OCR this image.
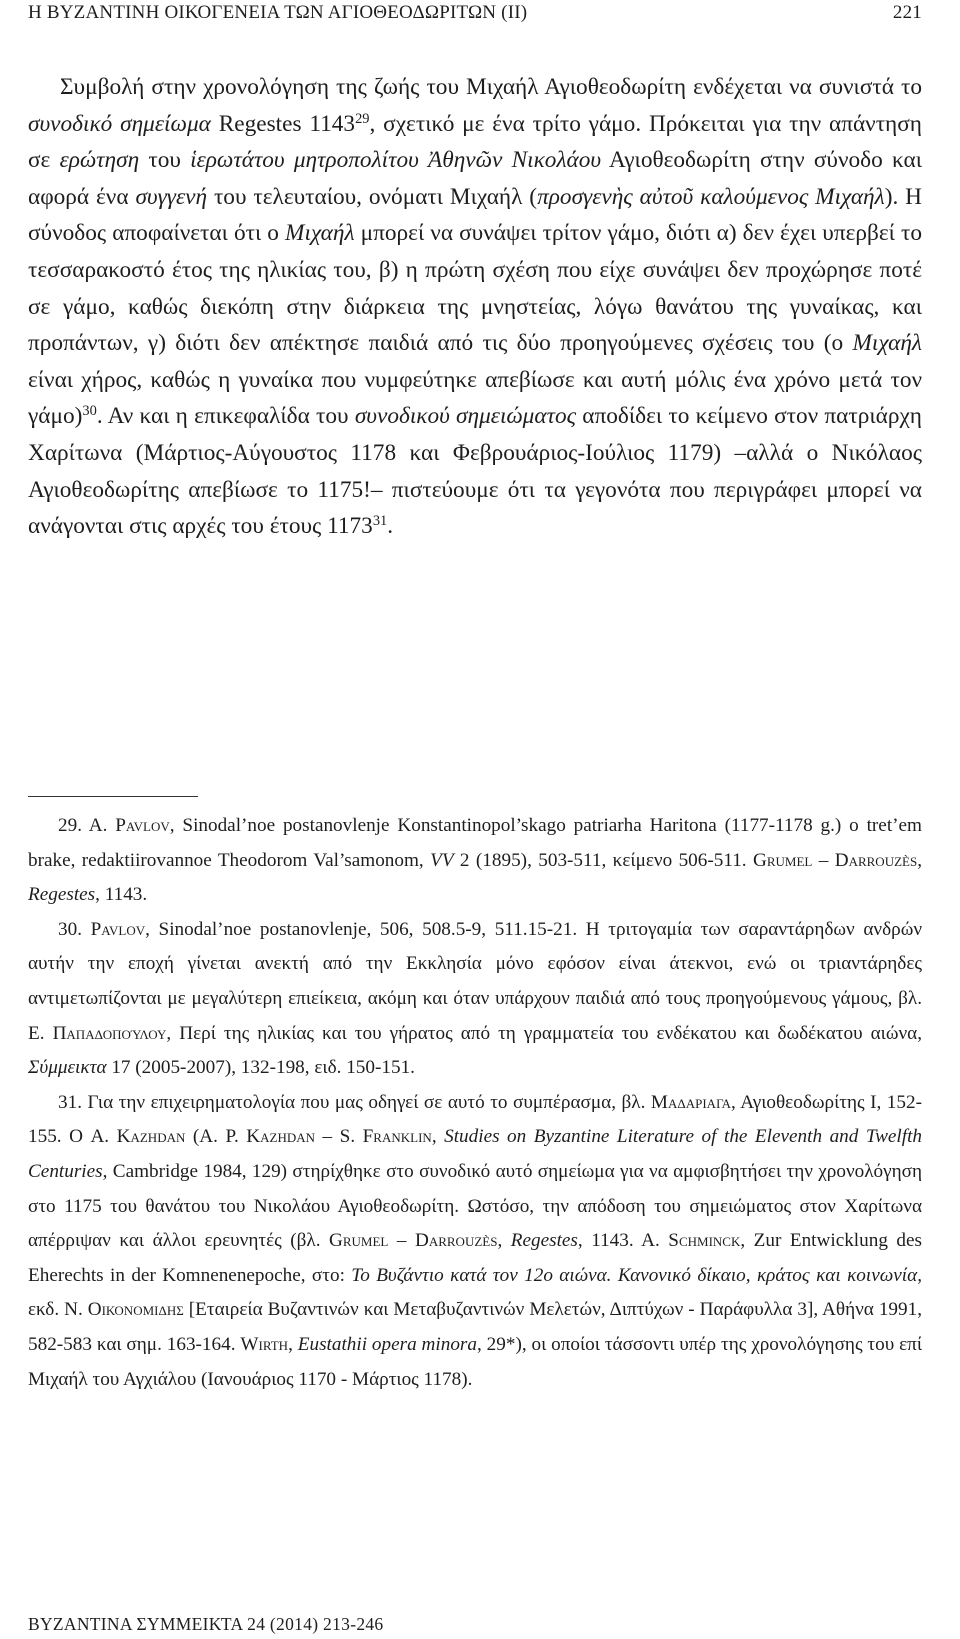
Η ΒΥΖΑΝΤΙΝΗ ΟΙΚΟΓΕΝΕΙΑ ΤΩΝ ΑΓΙΟΘΕΟΔΩΡΙΤΩΝ (ΙΙ)	221

Συμβολή στην χρονολόγηση της ζωής του Μιχαήλ Αγιοθεοδωρίτη ενδέχεται να συνιστά το συνοδικό σημείωμα Regestes 1143$^{29}$, σχετικό με ένα τρίτο γάμο. Πρόκειται για την απάντηση σε ερώτηση του ἱερωτάτου μητροπολίτου Ἀθηνῶν Νικολάου Αγιοθεοδωρίτη στην σύνοδο και αφορά ένα συγγενή του τελευταίου, ονόματι Μιχαήλ (προσγενὴς αὐτοῦ καλούμενος Μιχαήλ). Η σύνοδος αποφαίνεται ότι ο Μιχαήλ μπορεί να συνάψει τρίτον γάμο, διότι α) δεν έχει υπερβεί το τεσσαρακοστό έτος της ηλικίας του, β) η πρώτη σχέση που είχε συνάψει δεν προχώρησε ποτέ σε γάμο, καθώς διεκόπη στην διάρκεια της μνηστείας, λόγω θανάτου της γυναίκας, και προπάντων, γ) διότι δεν απέκτησε παιδιά από τις δύο προηγούμενες σχέσεις του (ο Μιχαήλ είναι χήρος, καθώς η γυναίκα που νυμφεύτηκε απεβίωσε και αυτή μόλις ένα χρόνο μετά τον γάμο)$^{30}$. Αν και η επικεφαλίδα του συνοδικού σημειώματος αποδίδει το κείμενο στον πατριάρχη Χαρίτωνα (Μάρτιος-Αύγουστος 1178 και Φεβρουάριος-Ιούλιος 1179) –αλλά ο Νικόλαος Αγιοθεοδωρίτης απεβίωσε το 1175!– πιστεύουμε ότι τα γεγονότα που περιγράφει μπορεί να ανάγονται στις αρχές του έτους 1173$^{31}$.

29. A. Pavlov, Sinodal’noe postanovlenje Konstantinopol’skago patriarha Haritona (1177-1178 g.) o tret’em brake, redaktiirovannoe Theodorom Val’samonom, VV 2 (1895), 503-511, κείμενο 506-511. Grumel – Darrouzès, Regestes, 1143.

30. Pavlov, Sinodal’noe postanovlenje, 506, 508.5-9, 511.15-21. Η τριτογαμία των σαραντάρηδων ανδρών αυτήν την εποχή γίνεται ανεκτή από την Εκκλησία μόνο εφόσον είναι άτεκνοι, ενώ οι τριαντάρηδες αντιμετωπίζονται με μεγαλύτερη επιείκεια, ακόμη και όταν υπάρχουν παιδιά από τους προηγούμενους γάμους, βλ. Ε. Παπαδοπούλου, Περί της ηλικίας και του γήρατος από τη γραμματεία του ενδέκατου και δωδέκατου αιώνα, Σύμμεικτα 17 (2005-2007), 132-198, ειδ. 150-151.

31. Για την επιχειρηματολογία που μας οδηγεί σε αυτό το συμπέρασμα, βλ. Μαδαριαγα, Αγιοθεοδωρίτης Ι, 152-155. Ο A. Kazhdan (A. P. Kazhdan – S. Franklin, Studies on Byzantine Literature of the Eleventh and Twelfth Centuries, Cambridge 1984, 129) στηρίχθηκε στο συνοδικό αυτό σημείωμα για να αμφισβητήσει την χρονολόγηση στο 1175 του θανάτου του Νικολάου Αγιοθεοδωρίτη. Ωστόσο, την απόδοση του σημειώματος στον Χαρίτωνα απέρριψαν και άλλοι ερευνητές (βλ. Grumel – Darrouzès, Regestes, 1143. A. Schminck, Zur Entwicklung des Eherechts in der Komnenenepoche, στο: Το Βυζάντιο κατά τον 12ο αιώνα. Κανονικό δίκαιο, κράτος και κοινωνία, εκδ. Ν. Οικονομιδης [Εταιρεία Βυζαντινών και Μεταβυζαντινών Μελετών, Διπτύχων - Παράφυλλα 3], Αθήνα 1991, 582-583 και σημ. 163-164. Wirth, Eustathii opera minora, 29*), οι οποίοι τάσσοντι υπέρ της χρονολόγησης του επί Μιχαήλ του Αγχιάλου (Ιανουάριος 1170 - Μάρτιος 1178).

ΒΥΖΑΝΤΙΝΑ ΣΥΜΜΕΙΚΤΑ 24 (2014) 213-246
